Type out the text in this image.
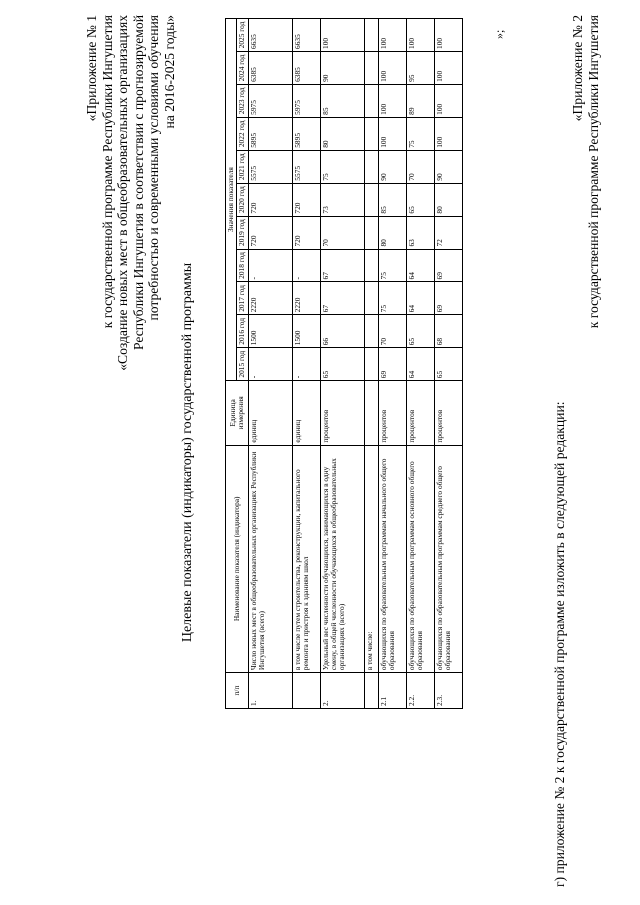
«Приложение № 1 к государственной программе Республики Ингушетия «Создание новых мест в общеобразовательных организациях Республики Ингушетия в соответствии с прогнозируемой потребностью и современными условиями обучения на 2016-2025 годы»
Целевые показатели (индикаторы) государственной программы
п/п	Наименование показателя (индикатора)	Единица измерения	Значения показателя										
			2015 год	2016 год	2017 год	2018 год	2019 год	2020 год	2021 год	2022 год	2023 год	2024 год	2025 год
1.	Число новых мест в общеобразовательных организациях Республики Ингушетия (всего)	единиц	-	1500	2220	-	720	720	5575	5895	5975	6385	6635
	в том числе путем строительства, реконструкции, капитального ремонта и пристроя к зданиям школ	единиц	-	1500	2220	-	720	720	5575	5895	5975	6385	6635
2.	Удельный вес численности обучающихся, занимающихся в одну смену, в общей численности обучающихся в общеобразовательных организациях (всего)	процентов	65	66	67	67	70	73	75	80	85	90	100
	в том числе:												
2.1	обучающихся по образовательным программам начального общего образования	процентов	69	70	75	75	80	85	90	100	100	100	100
2.2.	обучающихся по образовательным программам основного общего образования	процентов	64	65	64	64	63	65	70	75	89	95	100
2.3.	обучающихся по образовательным программам среднего общего образования	процентов	65	68	69	69	72	80	90	100	100	100	100
»;
г) приложение № 2 к государственной программе изложить в следующей редакции:
«Приложение № 2 к государственной программе Республики Ингушетия
